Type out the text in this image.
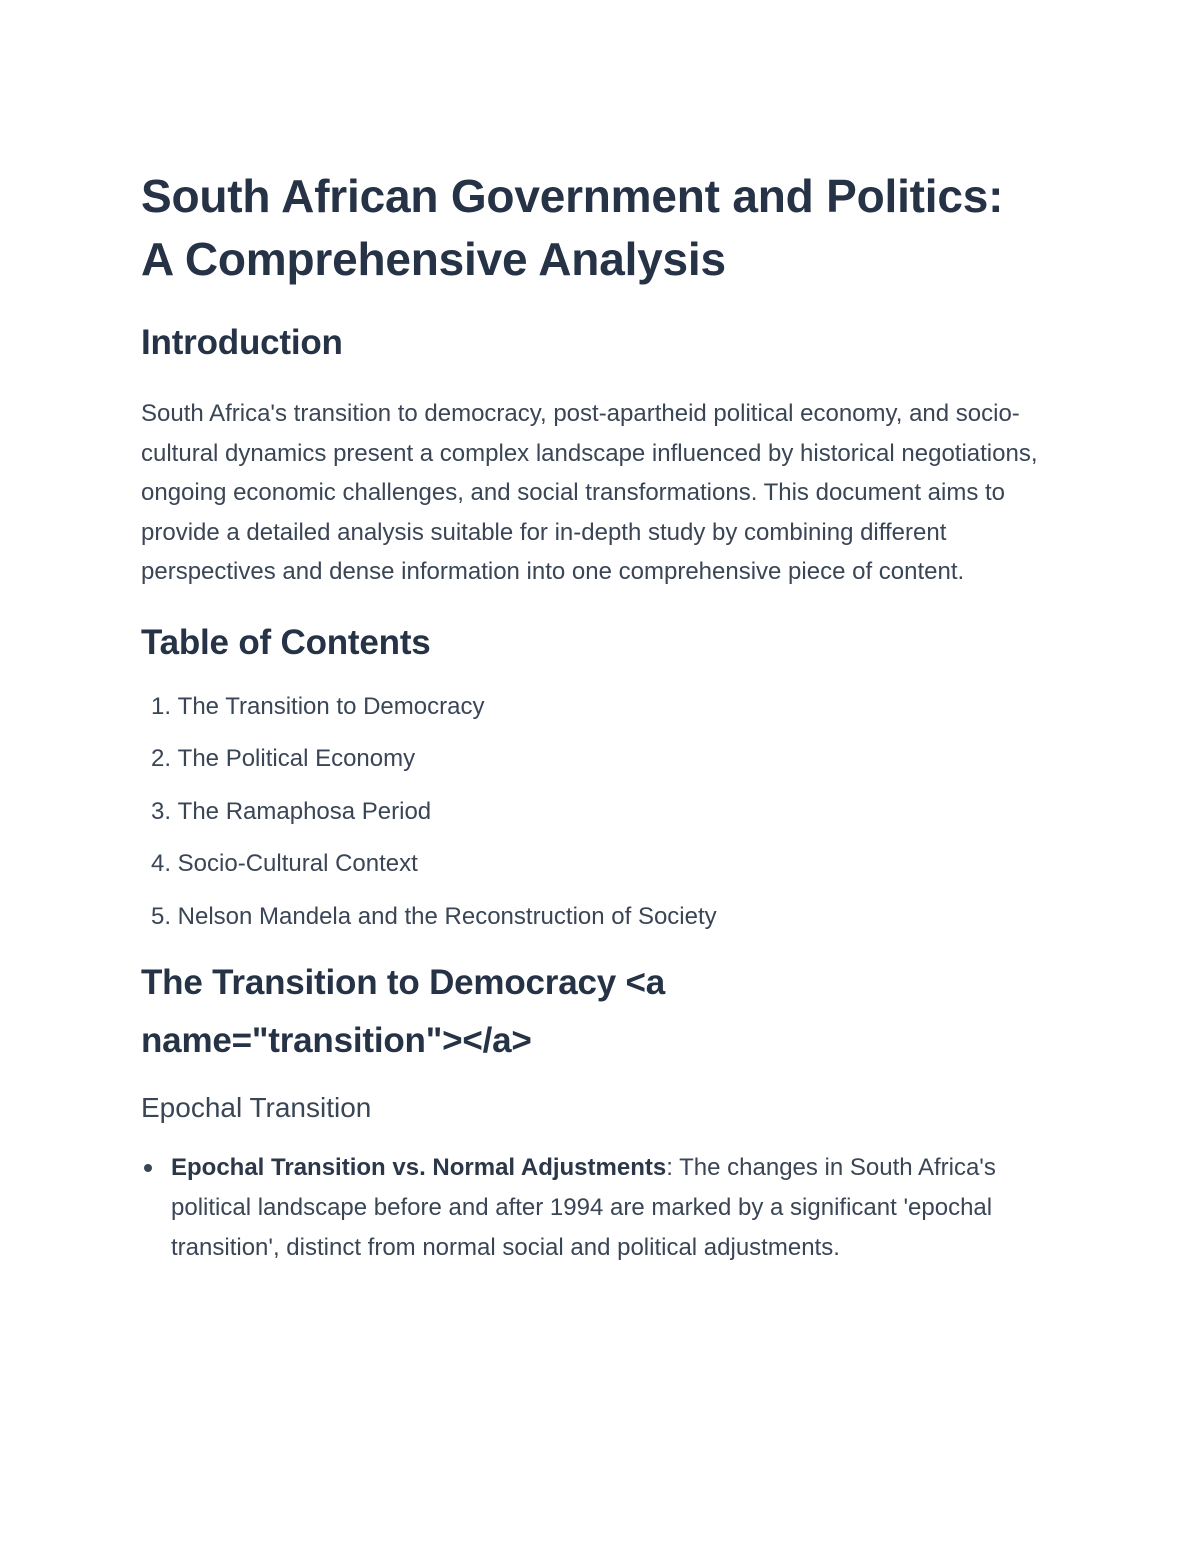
South African Government and Politics:
A Comprehensive Analysis
Introduction

South Africa's transition to democracy, post-apartheid political economy, and socio-cultural dynamics present a complex landscape influenced by historical negotiations, ongoing economic challenges, and social transformations. This document aims to provide a detailed analysis suitable for in-depth study by combining different perspectives and dense information into one comprehensive piece of content.

Table of Contents
1.
The Transition to Democracy
2.
The Political Economy
3.
The Ramaphosa Period
4.
Socio-Cultural Context
5.
Nelson Mandela and the Reconstruction of Society
The Transition to Democracy <a
name="transition"></a>
Epochal Transition
Epochal Transition vs. Normal Adjustments: The changes in South Africa's political landscape before and after 1994 are marked by a significant 'epochal transition', distinct from normal social and political adjustments.
